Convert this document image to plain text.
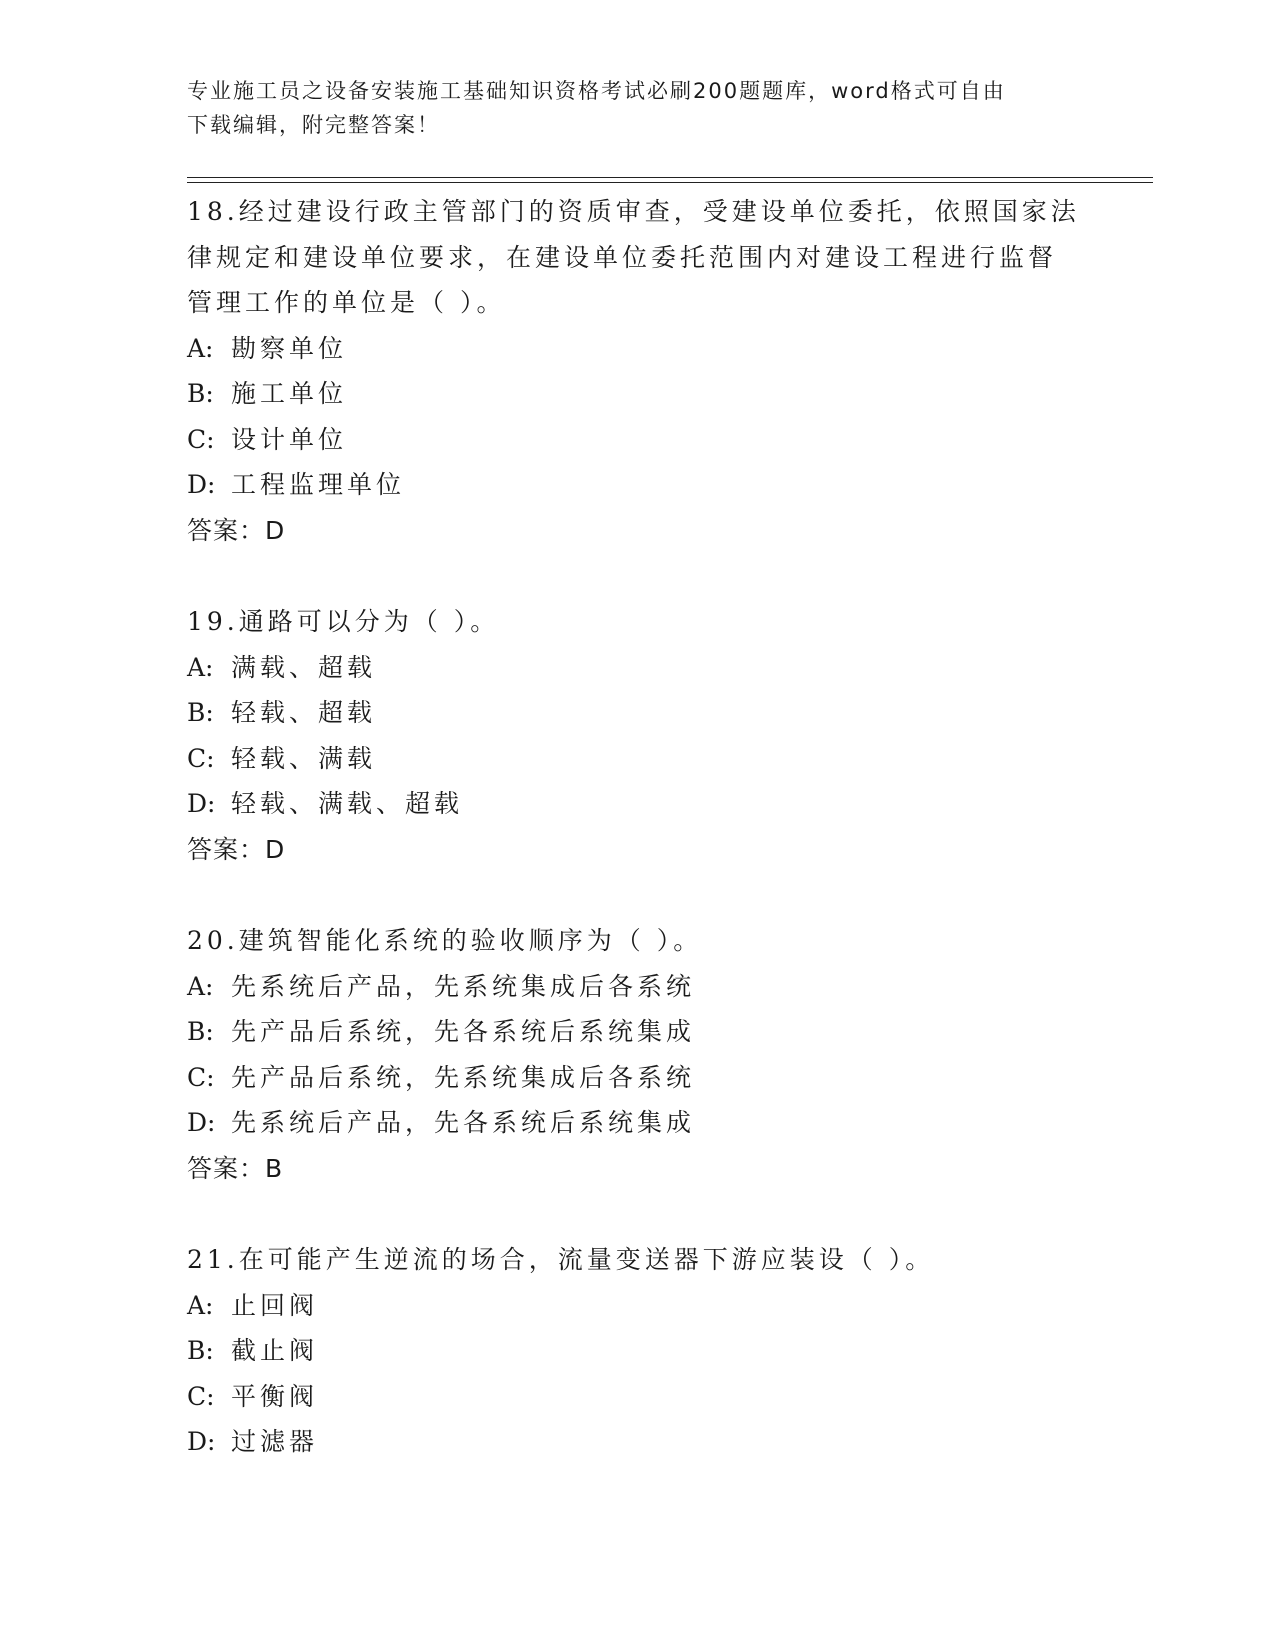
专业施工员之设备安装施工基础知识资格考试必刷200题题库，word格式可自由
下载编辑，附完整答案！
18.经过建设行政主管部门的资质审查，受建设单位委托，依照国家法
律规定和建设单位要求，在建设单位委托范围内对建设工程进行监督
管理工作的单位是（ ）。
A: 勘察单位
B: 施工单位
C: 设计单位
D: 工程监理单位
答案：D
19.通路可以分为（ ）。
A: 满载、超载
B: 轻载、超载
C: 轻载、满载
D: 轻载、满载、超载
答案：D
20.建筑智能化系统的验收顺序为（ ）。
A: 先系统后产品，先系统集成后各系统
B: 先产品后系统，先各系统后系统集成
C: 先产品后系统，先系统集成后各系统
D: 先系统后产品，先各系统后系统集成
答案：B
21.在可能产生逆流的场合，流量变送器下游应装设（ ）。
A: 止回阀
B: 截止阀
C: 平衡阀
D: 过滤器
